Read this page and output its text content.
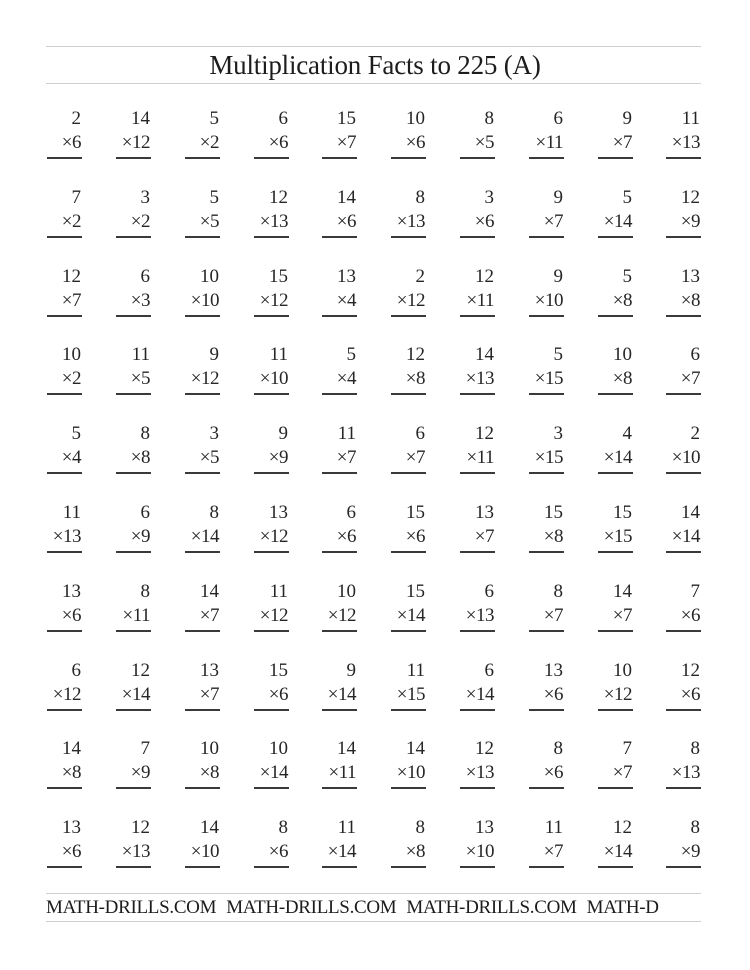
Multiplication Facts to 225 (A)
2
×6
14
×12
5
×2
6
×6
15
×7
10
×6
8
×5
6
×11
9
×7
11
×13
7
×2
3
×2
5
×5
12
×13
14
×6
8
×13
3
×6
9
×7
5
×14
12
×9
12
×7
6
×3
10
×10
15
×12
13
×4
2
×12
12
×11
9
×10
5
×8
13
×8
10
×2
11
×5
9
×12
11
×10
5
×4
12
×8
14
×13
5
×15
10
×8
6
×7
5
×4
8
×8
3
×5
9
×9
11
×7
6
×7
12
×11
3
×15
4
×14
2
×10
11
×13
6
×9
8
×14
13
×12
6
×6
15
×6
13
×7
15
×8
15
×15
14
×14
13
×6
8
×11
14
×7
11
×12
10
×12
15
×14
6
×13
8
×7
14
×7
7
×6
6
×12
12
×14
13
×7
15
×6
9
×14
11
×15
6
×14
13
×6
10
×12
12
×6
14
×8
7
×9
10
×8
10
×14
14
×11
14
×10
12
×13
8
×6
7
×7
8
×13
13
×6
12
×13
14
×10
8
×6
11
×14
8
×8
13
×10
11
×7
12
×14
8
×9
MATH-DRILLS.COM MATH-DRILLS.COM MATH-DRILLS.COM MATH-D
